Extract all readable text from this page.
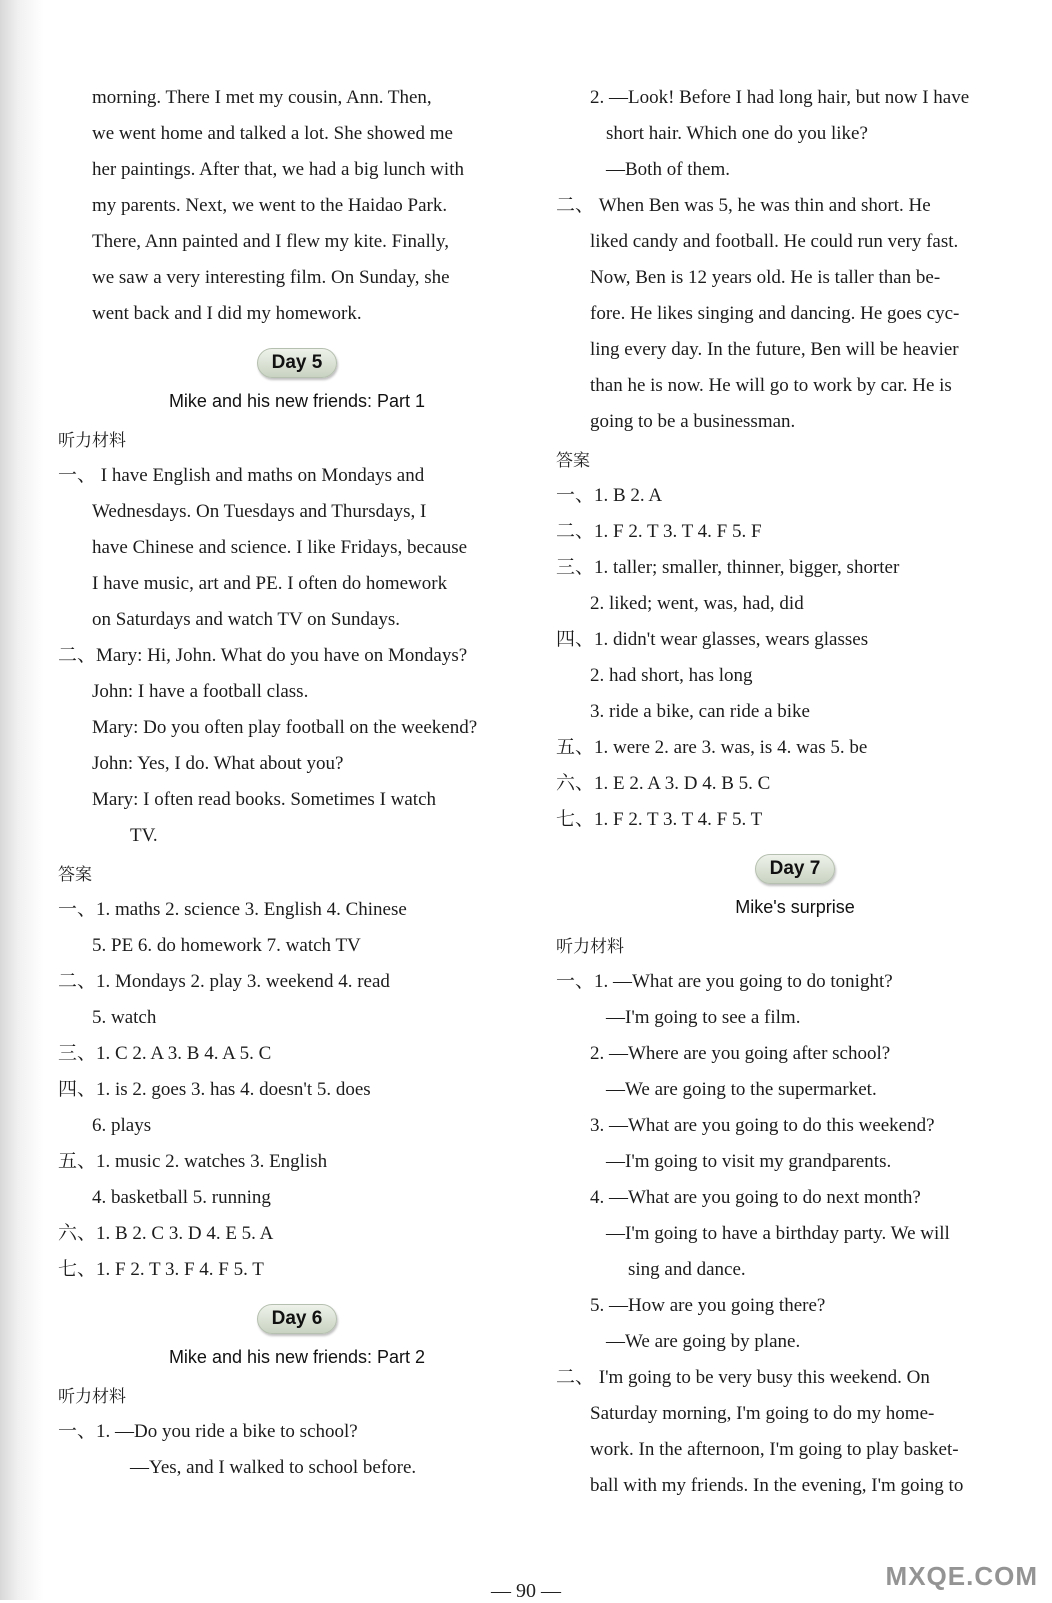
morning. There I met my cousin, Ann. Then,

we went home and talked a lot. She showed me

her paintings. After that, we had a big lunch with

my parents. Next, we went to the Haidao Park.

There, Ann painted and I flew my kite. Finally,

we saw a very interesting film. On Sunday, she

went back and I did my homework.

Day 5

Mike and his new friends: Part 1

听力材料

一、 I have English and maths on Mondays and

Wednesdays. On Tuesdays and Thursdays, I

have Chinese and science. I like Fridays, because

I have music, art and PE. I often do homework

on Saturdays and watch TV on Sundays.

二、Mary: Hi, John. What do you have on Mondays?

John: I have a football class.

Mary: Do you often play football on the weekend?

John: Yes, I do. What about you?

Mary: I often read books. Sometimes I watch

TV.

答案

一、1. maths 2. science 3. English 4. Chinese

5. PE 6. do homework 7. watch TV

二、1. Mondays 2. play 3. weekend 4. read

5. watch

三、1. C 2. A 3. B 4. A 5. C

四、1. is 2. goes 3. has 4. doesn't 5. does

6. plays

五、1. music 2. watches 3. English

4. basketball 5. running

六、1. B 2. C 3. D 4. E 5. A

七、1. F 2. T 3. F 4. F 5. T

Day 6

Mike and his new friends: Part 2

听力材料

一、1. —Do you ride a bike to school?

—Yes, and I walked to school before.

2. —Look! Before I had long hair, but now I have

short hair. Which one do you like?

—Both of them.

二、 When Ben was 5, he was thin and short. He

liked candy and football. He could run very fast.

Now, Ben is 12 years old. He is taller than be-

fore. He likes singing and dancing. He goes cyc-

ling every day. In the future, Ben will be heavier

than he is now. He will go to work by car. He is

going to be a businessman.

答案

一、1. B 2. A

二、1. F 2. T 3. T 4. F 5. F

三、1. taller; smaller, thinner, bigger, shorter

2. liked; went, was, had, did

四、1. didn't wear glasses, wears glasses

2. had short, has long

3. ride a bike, can ride a bike

五、1. were 2. are 3. was, is 4. was 5. be

六、1. E 2. A 3. D 4. B 5. C

七、1. F 2. T 3. T 4. F 5. T

Day 7

Mike's surprise

听力材料

一、1. —What are you going to do tonight?

—I'm going to see a film.

2. —Where are you going after school?

—We are going to the supermarket.

3. —What are you going to do this weekend?

—I'm going to visit my grandparents.

4. —What are you going to do next month?

—I'm going to have a birthday party. We will

sing and dance.

5. —How are you going there?

—We are going by plane.

二、 I'm going to be very busy this weekend. On

Saturday morning, I'm going to do my home-

work. In the afternoon, I'm going to play basket-

ball with my friends. In the evening, I'm going to

— 90 —	MXQE.COM
